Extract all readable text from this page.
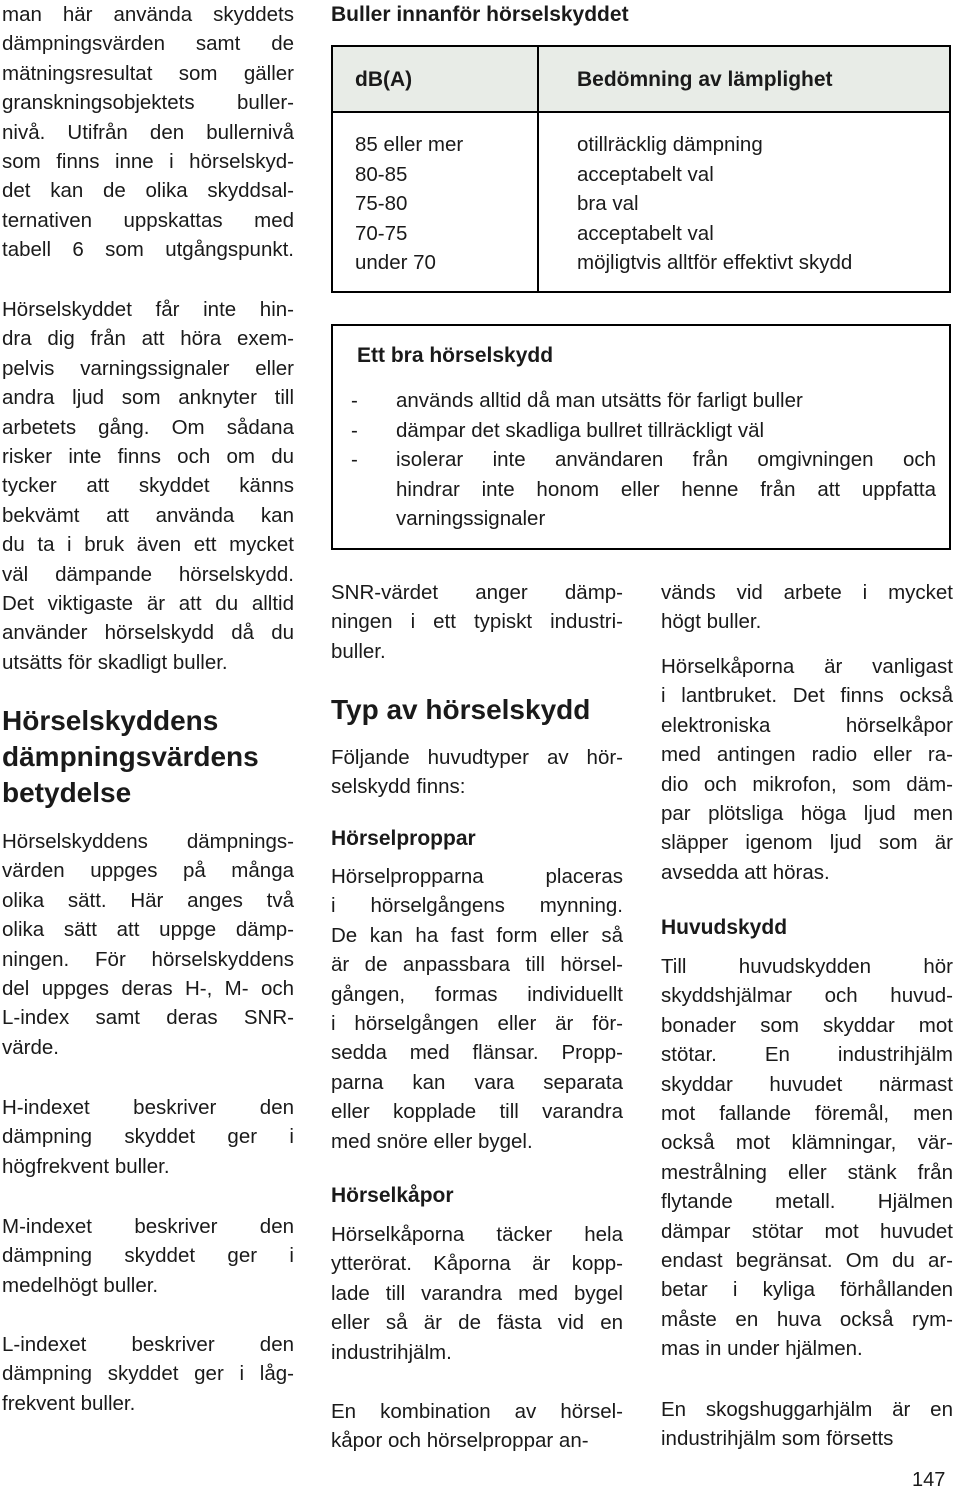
man här använda skyddets
dämpningsvärden samt de
mätningsresultat som gäller
granskningsobjektets buller-
nivå. Utifrån den bullernivå
som finns inne i hörselskyd-
det kan de olika skyddsal-
ternativen uppskattas med
tabell 6 som utgångspunkt.
Hörselskyddet får inte hin-
dra dig från att höra exem-
pelvis varningssignaler eller
andra ljud som anknyter till
arbetets gång. Om sådana
risker inte finns och om du
tycker att skyddet känns
bekvämt att använda kan
du ta i bruk även ett mycket
väl dämpande hörselskydd.
Det viktigaste är att du alltid
använder hörselskydd då du
utsätts för skadligt buller.
Hörselskyddens
dämpningsvärdens
betydelse
Hörselskyddens dämpnings-
värden uppges på många
olika sätt. Här anges två
olika sätt att uppge dämp-
ningen. För hörselskyddens
del uppges deras H-, M- och
L-index samt deras SNR-
värde.
H-indexet beskriver den
dämpning skyddet ger i
högfrekvent buller.
M-indexet beskriver den
dämpning skyddet ger i
medelhögt buller.
L-indexet beskriver den
dämpning skyddet ger i låg-
frekvent buller.
Buller innanför hörselskyddet
dB(A)	Bedömning av lämplighet
85 eller mer
80-85
75-80
70-75
under 70
otillräcklig dämpning
acceptabelt val
bra val
acceptabelt val
möjligtvis alltför effektivt skydd
Ett bra hörselskydd
- används alltid då man utsätts för farligt buller
- dämpar det skadliga bullret tillräckligt väl
- isolerar inte användaren från omgivningen och
hindrar inte honom eller henne från att uppfatta
varningssignaler
SNR-värdet anger dämp-
ningen i ett typiskt industri-
buller.
Typ av hörselskydd
Följande huvudtyper av hör-
selskydd finns:
Hörselproppar
Hörselpropparna placeras
i hörselgångens mynning.
De kan ha fast form eller så
är de anpassbara till hörsel-
gången, formas individuellt
i hörselgången eller är för-
sedda med flänsar. Propp-
parna kan vara separata
eller kopplade till varandra
med snöre eller bygel.
Hörselkåpor
Hörselkåporna täcker hela
ytterörat. Kåporna är kopp-
lade till varandra med bygel
eller så är de fästa vid en
industrihjälm.
En kombination av hörsel-
kåpor och hörselproppar an-
vänds vid arbete i mycket
högt buller.
Hörselkåporna är vanligast
i lantbruket. Det finns också
elektroniska hörselkåpor
med antingen radio eller ra-
dio och mikrofon, som däm-
par plötsliga höga ljud men
släpper igenom ljud som är
avsedda att höras.
Huvudskydd
Till huvudskydden hör
skyddshjälmar och huvud-
bonader som skyddar mot
stötar. En industrihjälm
skyddar huvudet närmast
mot fallande föremål, men
också mot klämningar, vär-
mestrålning eller stänk från
flytande metall. Hjälmen
dämpar stötar mot huvudet
endast begränsat. Om du ar-
betar i kyliga förhållanden
måste en huva också rym-
mas in under hjälmen.
En skogshuggarhjälm är en
industrihjälm som försetts
147
